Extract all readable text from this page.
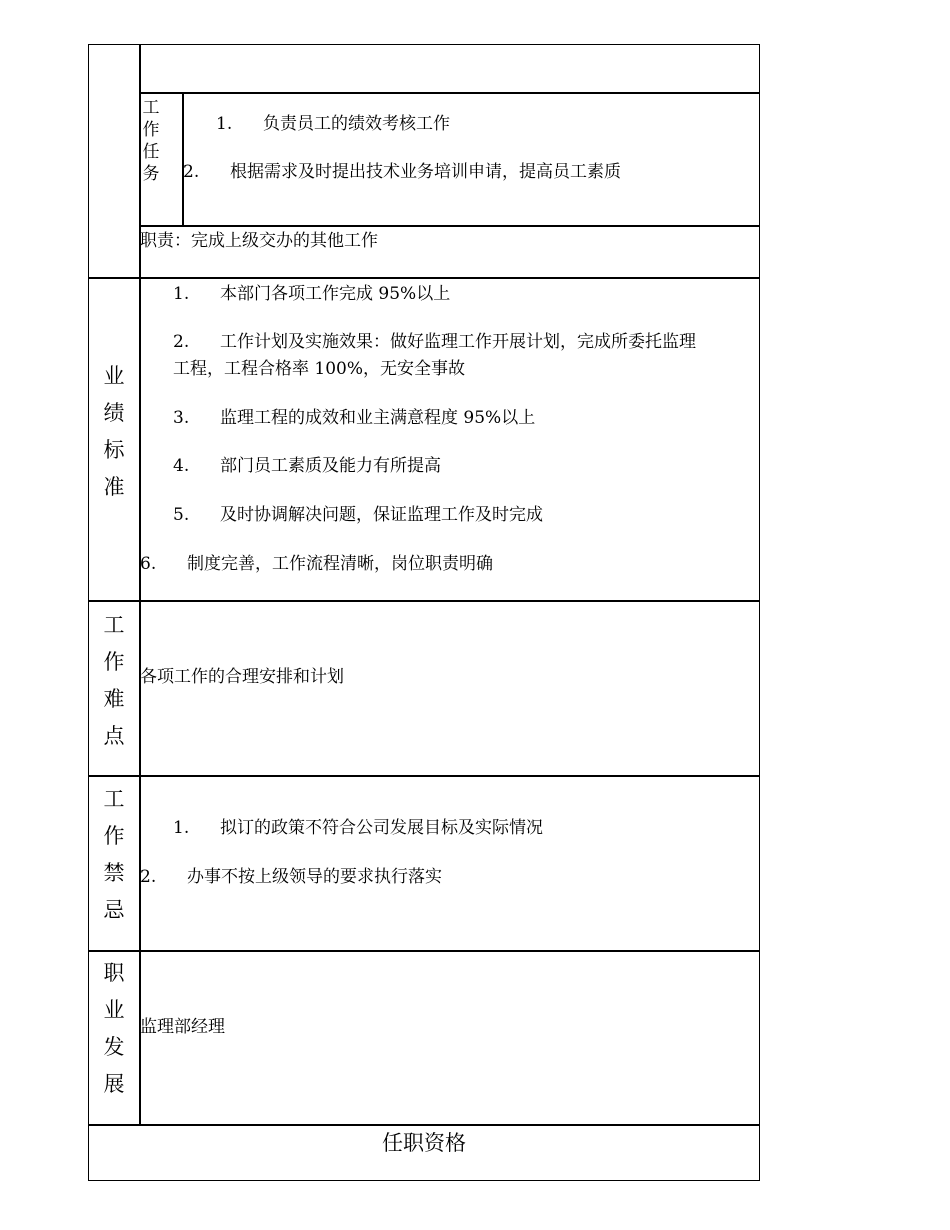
工
作
任
务
1. 负责员工的绩效考核工作
2. 根据需求及时提出技术业务培训申请，提高员工素质
职责：完成上级交办的其他工作
业
绩
标
准
1. 本部门各项工作完成 95%以上
2. 工作计划及实施效果：做好监理工作开展计划，完成所委托监理
工程，工程合格率 100%，无安全事故
3. 监理工程的成效和业主满意程度 95%以上
4. 部门员工素质及能力有所提高
5. 及时协调解决问题，保证监理工作及时完成
6. 制度完善，工作流程清晰，岗位职责明确
工
作
难
点
各项工作的合理安排和计划
工
作
禁
忌
1. 拟订的政策不符合公司发展目标及实际情况
2. 办事不按上级领导的要求执行落实
职
业
发
展
监理部经理
任职资格
